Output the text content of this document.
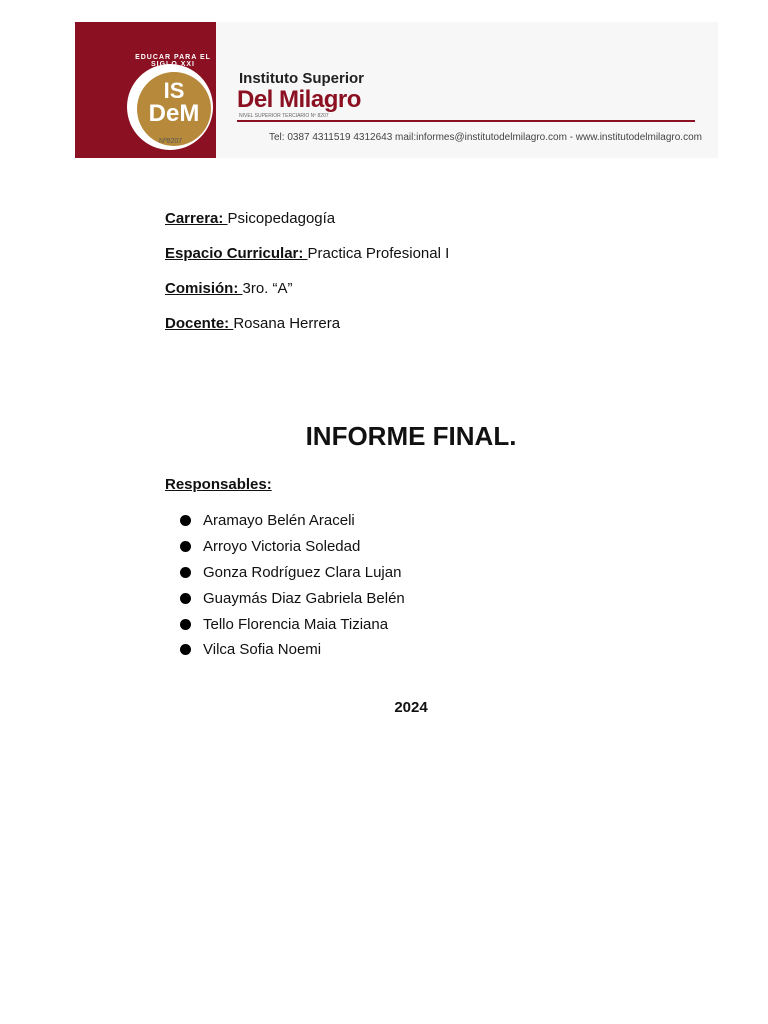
EDUCAR PARA EL SIGLO XXI
IS
DeM
Nº8207
Instituto Superior
Del Milagro
NIVEL SUPERIOR TERCIARIO Nº 8207
Tel: 0387 4311519 4312643 mail:informes@institutodelmilagro.com - www.institutodelmilagro.com
Carrera: Psicopedagogía
Espacio Curricular: Practica Profesional I
Comisión: 3ro. “A”
Docente: Rosana Herrera
INFORME FINAL.
Responsables:
Aramayo Belén Araceli
Arroyo Victoria Soledad
Gonza Rodríguez Clara Lujan
Guaymás Diaz Gabriela Belén
Tello Florencia Maia Tiziana
Vilca Sofia Noemi
2024
